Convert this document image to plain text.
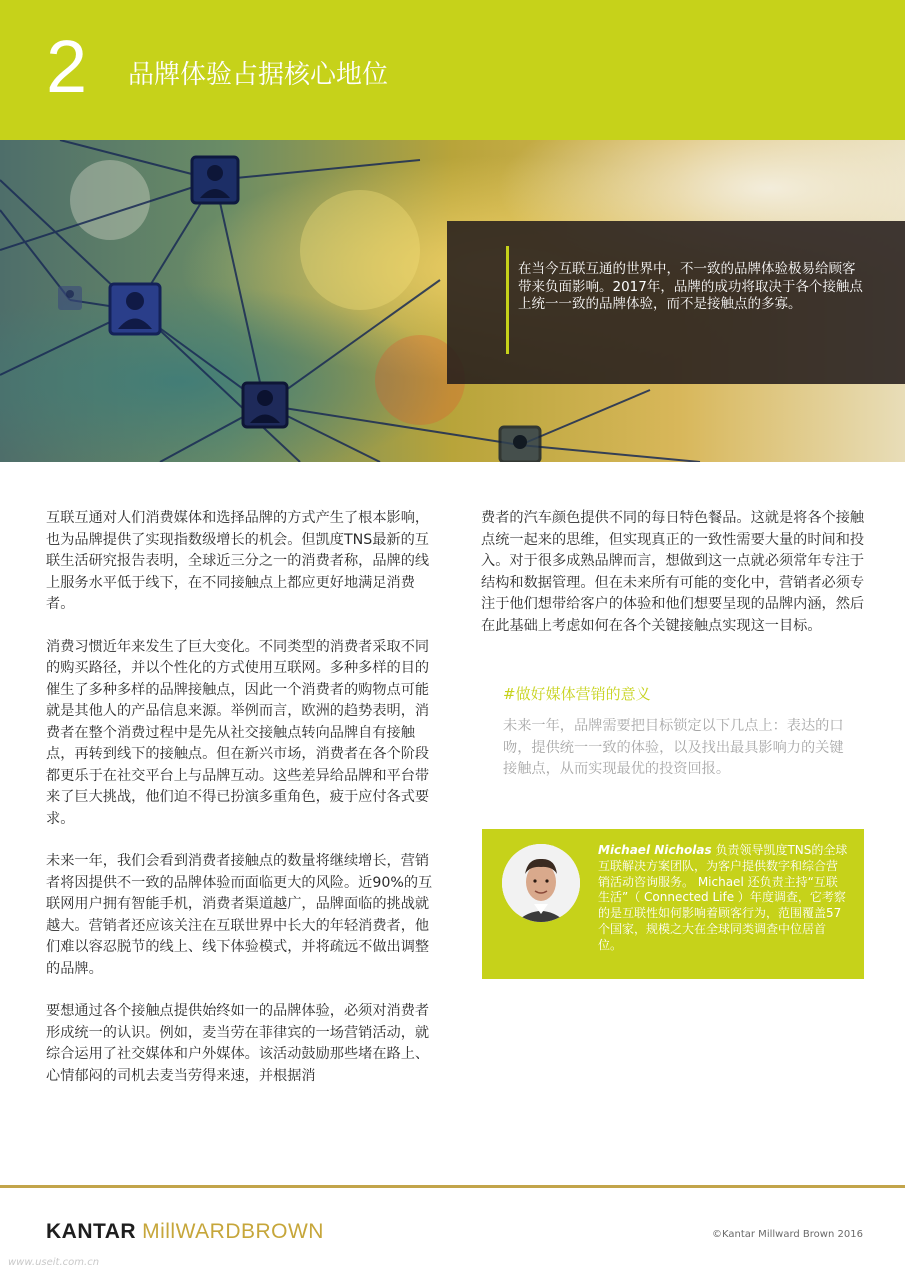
2 品牌体验占据核心地位
在当今互联互通的世界中，不一致的品牌体验极易给顾客带来负面影响。2017年，品牌的成功将取决于各个接触点上统一一致的品牌体验，而不是接触点的多寡。

互联互通对人们消费媒体和选择品牌的方式产生了根本影响，也为品牌提供了实现指数级增长的机会。但凯度TNS最新的互联生活研究报告表明，全球近三分之一的消费者称，品牌的线上服务水平低于线下，在不同接触点上都应更好地满足消费者。

消费习惯近年来发生了巨大变化。不同类型的消费者采取不同的购买路径，并以个性化的方式使用互联网。多种多样的目的催生了多种多样的品牌接触点，因此一个消费者的购物点可能就是其他人的产品信息来源。举例而言，欧洲的趋势表明，消费者在整个消费过程中是先从社交接触点转向品牌自有接触点，再转到线下的接触点。但在新兴市场，消费者在各个阶段都更乐于在社交平台上与品牌互动。这些差异给品牌和平台带来了巨大挑战，他们迫不得已扮演多重角色，疲于应付各式要求。

未来一年，我们会看到消费者接触点的数量将继续增长，营销者将因提供不一致的品牌体验而面临更大的风险。近90%的互联网用户拥有智能手机，消费者渠道越广，品牌面临的挑战就越大。营销者还应该关注在互联世界中长大的年轻消费者，他们难以容忍脱节的线上、线下体验模式，并将疏远不做出调整的品牌。

要想通过各个接触点提供始终如一的品牌体验，必须对消费者形成统一的认识。例如，麦当劳在菲律宾的一场营销活动，就综合运用了社交媒体和户外媒体。该活动鼓励那些堵在路上、心情郁闷的司机去麦当劳得来速，并根据消

费者的汽车颜色提供不同的每日特色餐品。这就是将各个接触点统一起来的思维，但实现真正的一致性需要大量的时间和投入。对于很多成熟品牌而言，想做到这一点就必须常年专注于结构和数据管理。但在未来所有可能的变化中，营销者必须专注于他们想带给客户的体验和他们想要呈现的品牌内涵，然后在此基础上考虑如何在各个关键接触点实现这一目标。

#做好媒体营销的意义
未来一年，品牌需要把目标锁定以下几点上：表达的口吻，提供统一一致的体验，以及找出最具影响力的关键接触点，从而实现最优的投资回报。
Michael Nicholas 负责领导凯度TNS的全球互联解决方案团队，为客户提供数字和综合营销活动咨询服务。 Michael 还负责主持“互联生活”（ Connected Life ）年度调查，它考察的是互联性如何影响着顾客行为，范围覆盖57个国家，规模之大在全球同类调查中位居首位。
KANTAR MillWARDBROWN	©Kantar Millward Brown 2016
www.useit.com.cn
